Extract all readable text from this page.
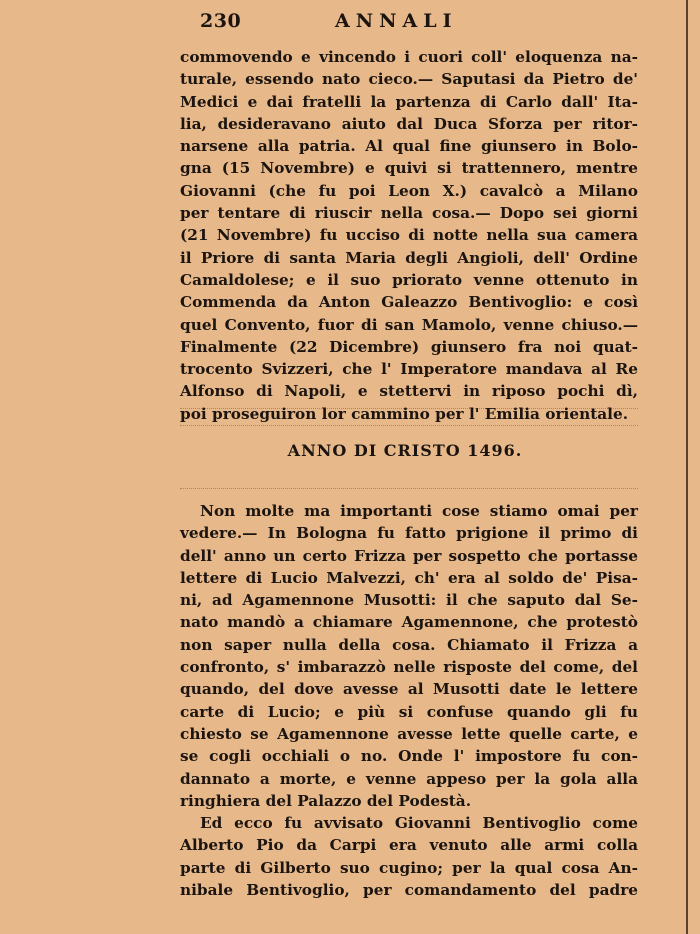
230	ANNALI
commovendo e vincendo i cuori coll' eloquenza na-
turale, essendo nato cieco.— Saputasi da Pietro de'
Medici e dai fratelli la partenza di Carlo dall' Ita-
lia, desideravano aiuto dal Duca Sforza per ritor-
narsene alla patria. Al qual fine giunsero in Bolo-
gna (15 Novembre) e quivi si trattennero, mentre
Giovanni (che fu poi Leon X.) cavalcò a Milano
per tentare di riuscir nella cosa.— Dopo sei giorni
(21 Novembre) fu ucciso di notte nella sua camera
il Priore di santa Maria degli Angioli, dell' Ordine
Camaldolese; e il suo priorato venne ottenuto in
Commenda da Anton Galeazzo Bentivoglio: e così
quel Convento, fuor di san Mamolo, venne chiuso.—
Finalmente (22 Dicembre) giunsero fra noi quat-
trocento Svizzeri, che l' Imperatore mandava al Re
Alfonso di Napoli, e stettervi in riposo pochi dì,
poi proseguiron lor cammino per l' Emilia orientale.
ANNO DI CRISTO 1496.
Non molte ma importanti cose stiamo omai per
vedere.— In Bologna fu fatto prigione il primo di
dell' anno un certo Frizza per sospetto che portasse
lettere di Lucio Malvezzi, ch' era al soldo de' Pisa-
ni, ad Agamennone Musotti: il che saputo dal Se-
nato mandò a chiamare Agamennone, che protestò
non saper nulla della cosa. Chiamato il Frizza a
confronto, s' imbarazzò nelle risposte del come, del
quando, del dove avesse al Musotti date le lettere
carte di Lucio; e più si confuse quando gli fu
chiesto se Agamennone avesse lette quelle carte, e
se cogli occhiali o no. Onde l' impostore fu con-
dannato a morte, e venne appeso per la gola alla
ringhiera del Palazzo del Podestà.
Ed ecco fu avvisato Giovanni Bentivoglio come
Alberto Pio da Carpi era venuto alle armi colla
parte di Gilberto suo cugino; per la qual cosa An-
nibale Bentivoglio, per comandamento del padre
